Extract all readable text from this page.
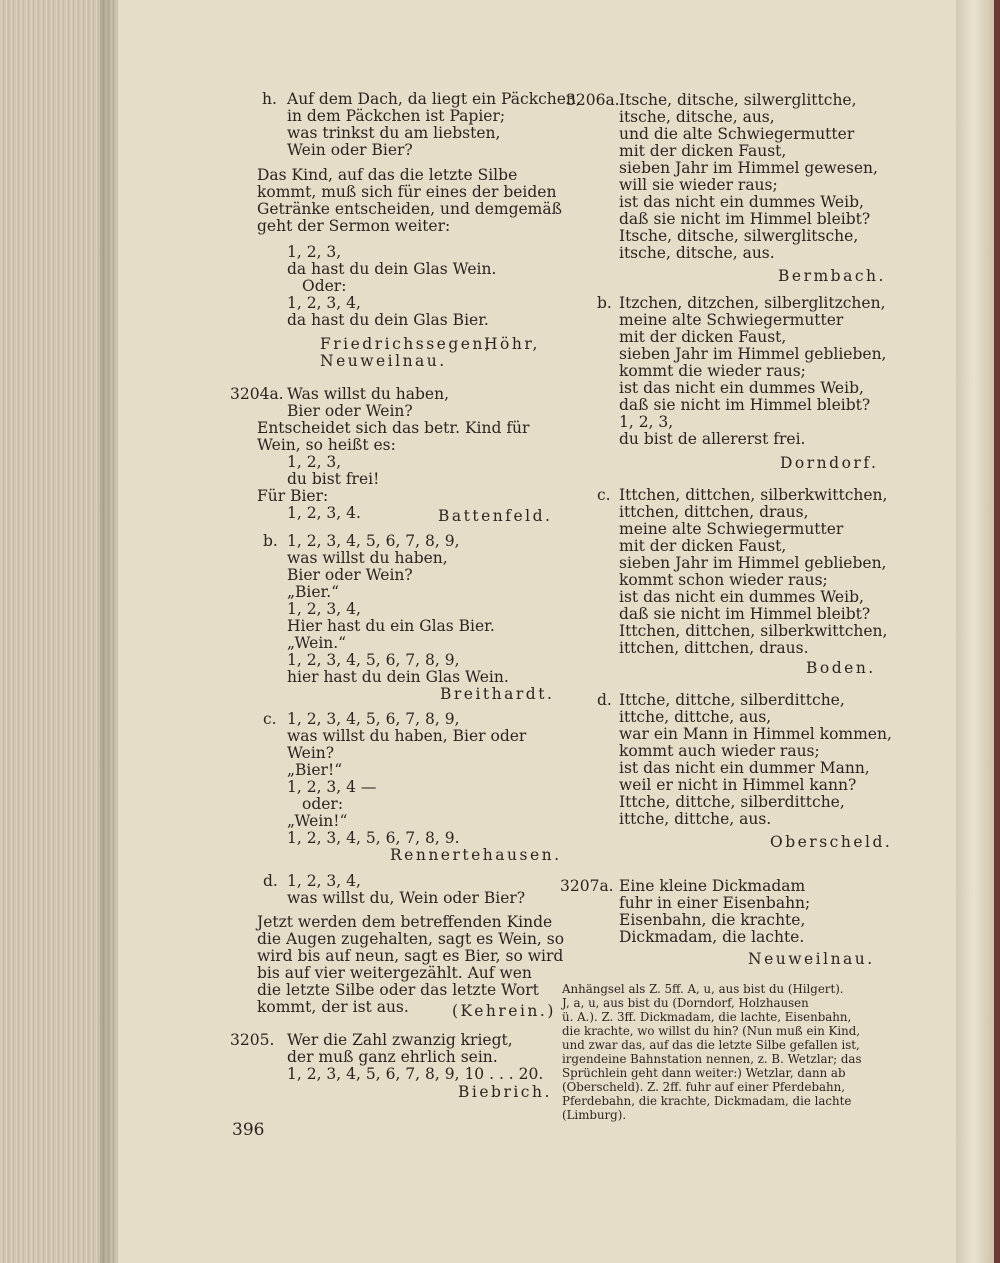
h. Auf dem Dach, da liegt ein Päckchen,
in dem Päckchen ist Papier;
was trinkst du am liebsten,
Wein oder Bier?
Das Kind, auf das die letzte Silbe
kommt, muß sich für eines der beiden
Getränke entscheiden, und demgemäß
geht der Sermon weiter:
1, 2, 3,
da hast du dein Glas Wein.
Oder:
1, 2, 3, 4,
da hast du dein Glas Bier.
Friedrichssegen,
Höhr,
Neuweilnau.
3204a. Was willst du haben,
Bier oder Wein?
Entscheidet sich das betr. Kind für
Wein, so heißt es:
1, 2, 3,
du bist frei!
Für Bier:
1, 2, 3, 4.	Battenfeld.
b. 1, 2, 3, 4, 5, 6, 7, 8, 9,
was willst du haben,
Bier oder Wein?
„Bier.“
1, 2, 3, 4,
Hier hast du ein Glas Bier.
„Wein.“
1, 2, 3, 4, 5, 6, 7, 8, 9,
hier hast du dein Glas Wein.
Breithardt.
c. 1, 2, 3, 4, 5, 6, 7, 8, 9,
was willst du haben, Bier oder
Wein?
„Bier!“
1, 2, 3, 4 —
oder:
„Wein!“
1, 2, 3, 4, 5, 6, 7, 8, 9.
Rennertehausen.
d. 1, 2, 3, 4,
was willst du, Wein oder Bier?
Jetzt werden dem betreffenden Kinde
die Augen zugehalten, sagt es Wein, so
wird bis auf neun, sagt es Bier, so wird
bis auf vier weitergezählt. Auf wen
die letzte Silbe oder das letzte Wort
kommt, der ist aus.	(Kehrein.)
3205. Wer die Zahl zwanzig kriegt,
der muß ganz ehrlich sein.
1, 2, 3, 4, 5, 6, 7, 8, 9, 10 . . . 20.
Biebrich.
3206a. Itsche, ditsche, silwerglittche,
itsche, ditsche, aus,
und die alte Schwiegermutter
mit der dicken Faust,
sieben Jahr im Himmel gewesen,
will sie wieder raus;
ist das nicht ein dummes Weib,
daß sie nicht im Himmel bleibt?
Itsche, ditsche, silwerglitsche,
itsche, ditsche, aus.
Bermbach.
b. Itzchen, ditzchen, silberglitzchen,
meine alte Schwiegermutter
mit der dicken Faust,
sieben Jahr im Himmel geblieben,
kommt die wieder raus;
ist das nicht ein dummes Weib,
daß sie nicht im Himmel bleibt?
1, 2, 3,
du bist de allererst frei.
Dorndorf.
c. Ittchen, dittchen, silberkwittchen,
ittchen, dittchen, draus,
meine alte Schwiegermutter
mit der dicken Faust,
sieben Jahr im Himmel geblieben,
kommt schon wieder raus;
ist das nicht ein dummes Weib,
daß sie nicht im Himmel bleibt?
Ittchen, dittchen, silberkwittchen,
ittchen, dittchen, draus.
Boden.
d. Ittche, dittche, silberdittche,
ittche, dittche, aus,
war ein Mann in Himmel kommen,
kommt auch wieder raus;
ist das nicht ein dummer Mann,
weil er nicht in Himmel kann?
Ittche, dittche, silberdittche,
ittche, dittche, aus.
Oberscheld.
3207a. Eine kleine Dickmadam
fuhr in einer Eisenbahn;
Eisenbahn, die krachte,
Dickmadam, die lachte.
Neuweilnau.
Anhängsel als Z. 5ff. A, u, aus bist du (Hilgert).
J, a, u, aus bist du (Dorndorf, Holzhausen
ü. A.). Z. 3ff. Dickmadam, die lachte, Eisenbahn,
die krachte, wo willst du hin? (Nun muß ein Kind,
und zwar das, auf das die letzte Silbe gefallen ist,
irgendeine Bahnstation nennen, z. B. Wetzlar; das
Sprüchlein geht dann weiter:) Wetzlar, dann ab
(Oberscheld). Z. 2ff. fuhr auf einer Pferdebahn,
Pferdebahn, die krachte, Dickmadam, die lachte
(Limburg).
396
